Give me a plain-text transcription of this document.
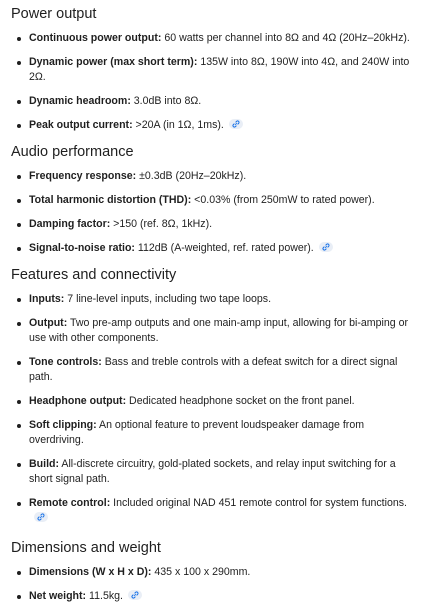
Power output
Continuous power output: 60 watts per channel into 8Ω and 4Ω (20Hz–20kHz).
Dynamic power (max short term): 135W into 8Ω, 190W into 4Ω, and 240W into 2Ω.
Dynamic headroom: 3.0dB into 8Ω.
Peak output current: >20A (in 1Ω, 1ms).
Audio performance
Frequency response: ±0.3dB (20Hz–20kHz).
Total harmonic distortion (THD): <0.03% (from 250mW to rated power).
Damping factor: >150 (ref. 8Ω, 1kHz).
Signal-to-noise ratio: 112dB (A-weighted, ref. rated power).
Features and connectivity
Inputs: 7 line-level inputs, including two tape loops.
Output: Two pre-amp outputs and one main-amp input, allowing for bi-amping or use with other components.
Tone controls: Bass and treble controls with a defeat switch for a direct signal path.
Headphone output: Dedicated headphone socket on the front panel.
Soft clipping: An optional feature to prevent loudspeaker damage from overdriving.
Build: All-discrete circuitry, gold-plated sockets, and relay input switching for a short signal path.
Remote control: Included original NAD 451 remote control for system functions.
Dimensions and weight
Dimensions (W x H x D): 435 x 100 x 290mm.
Net weight: 11.5kg.
